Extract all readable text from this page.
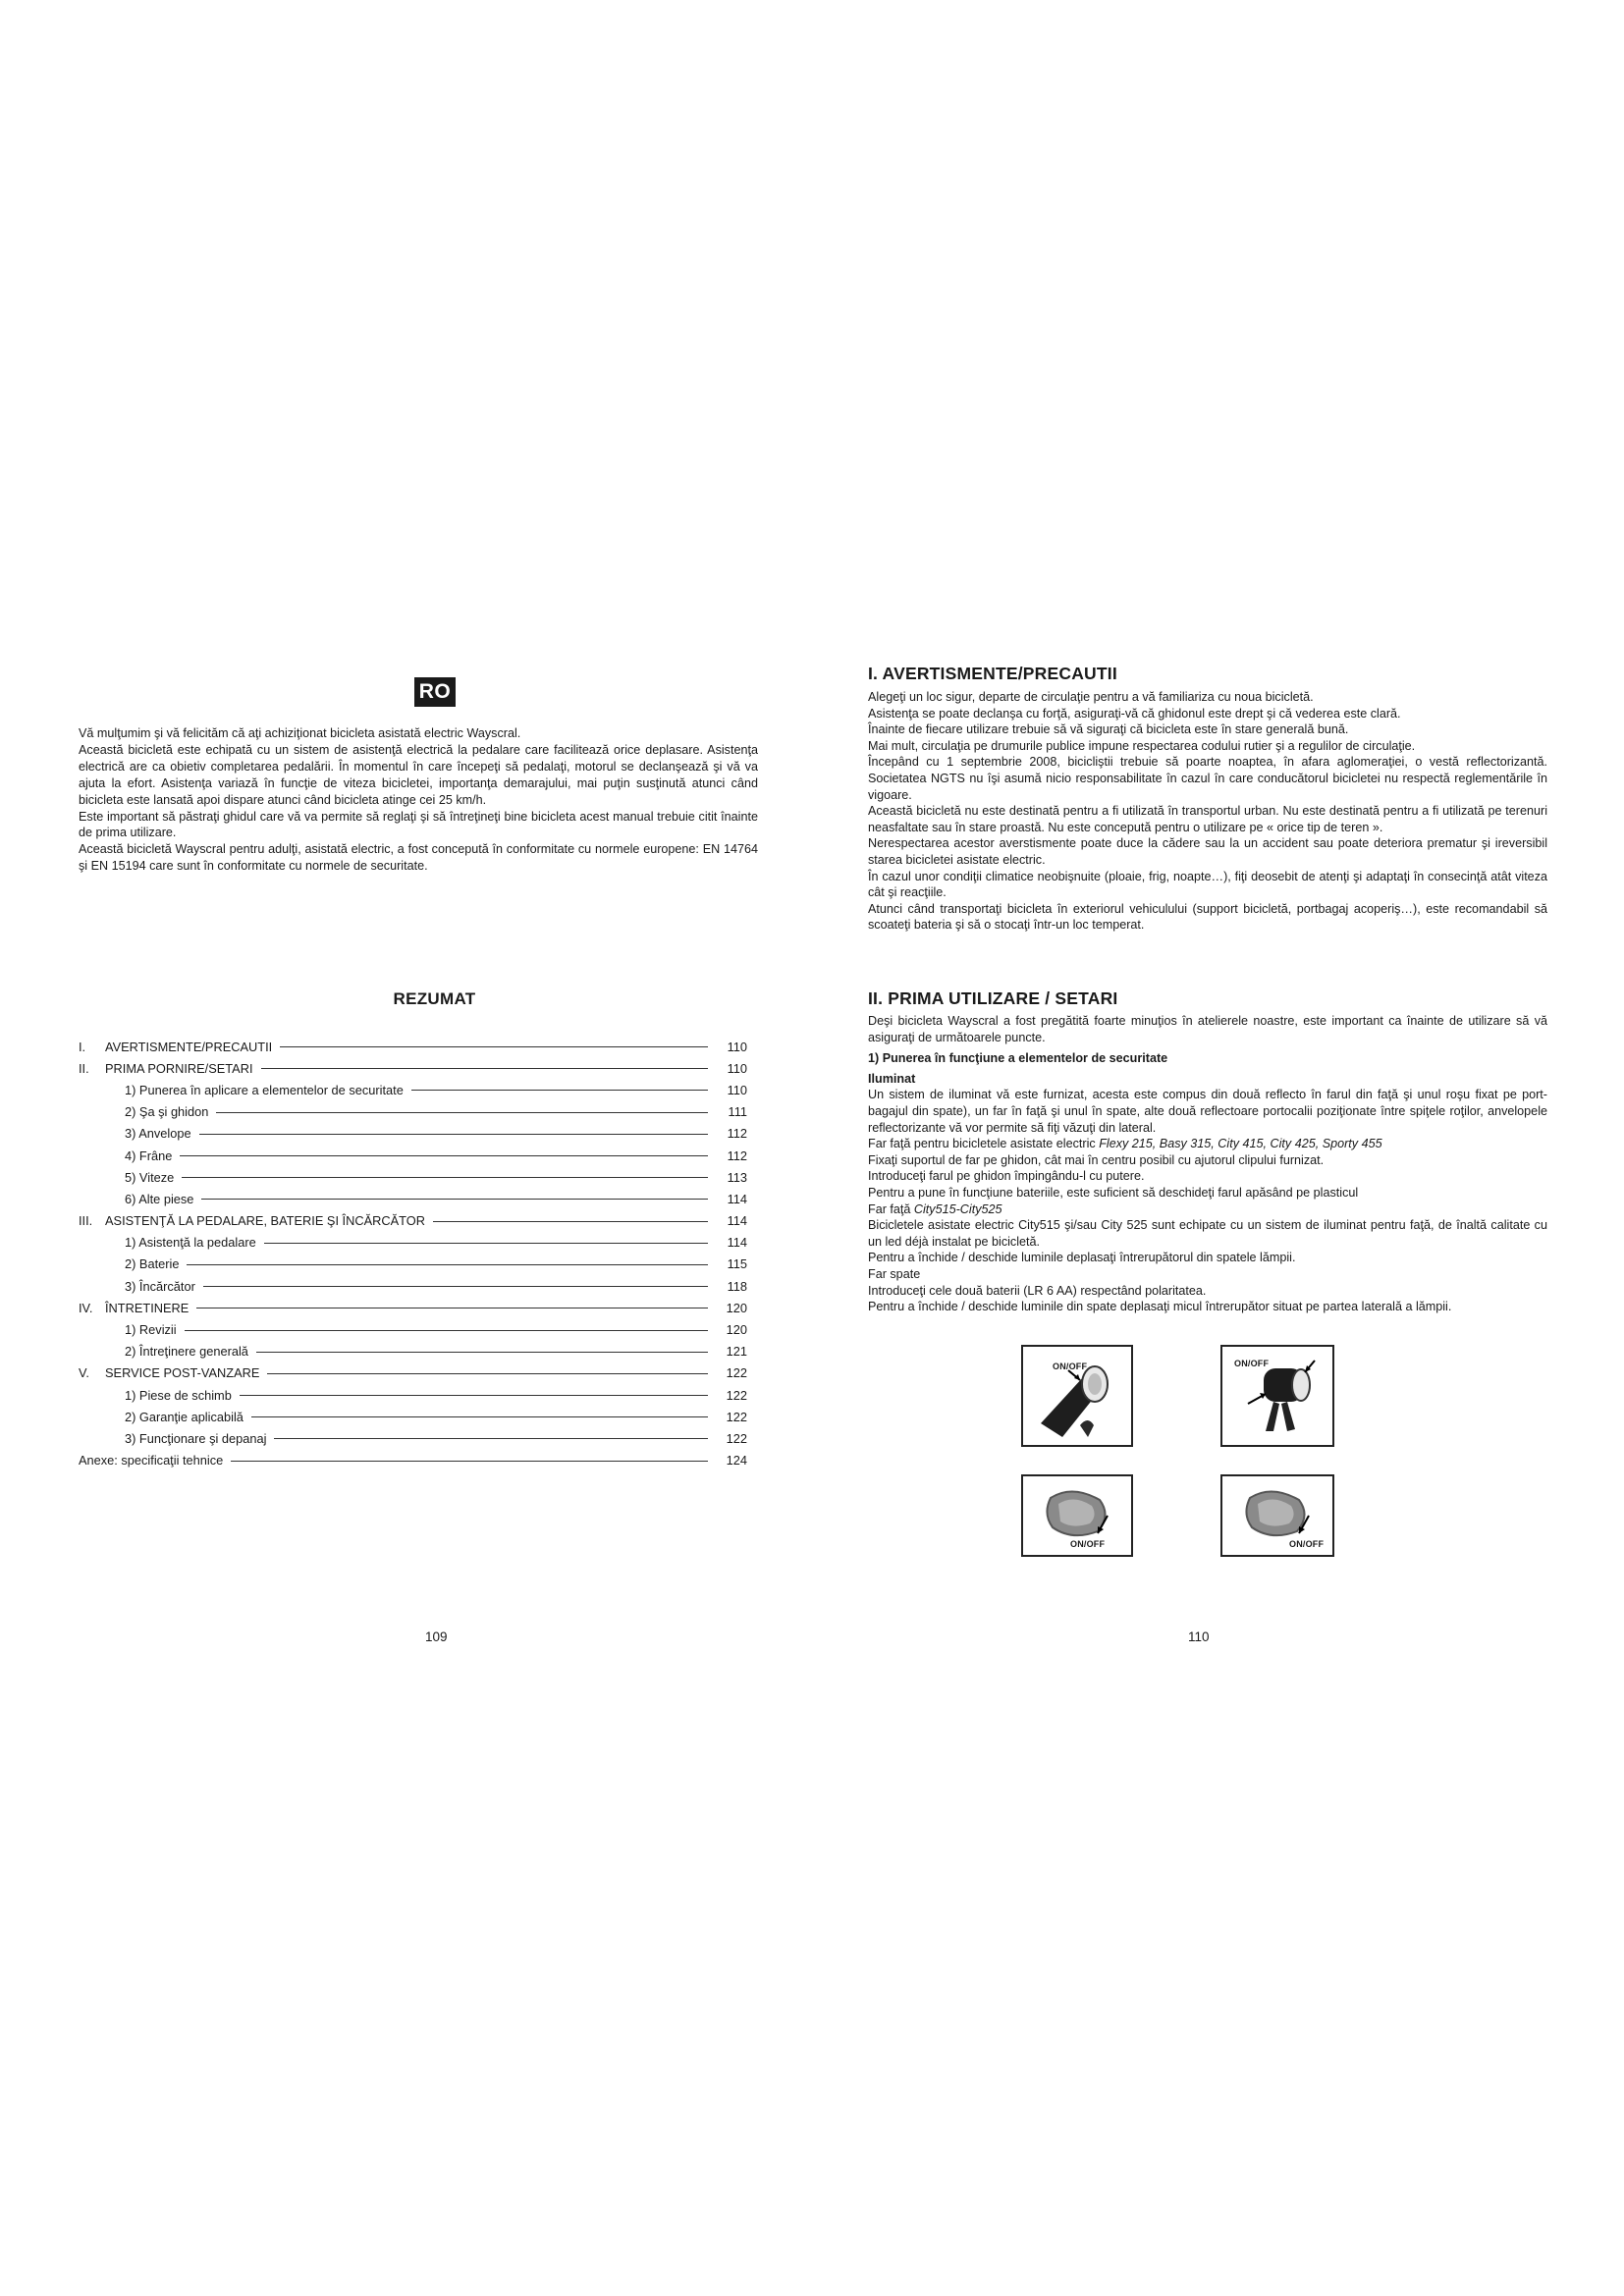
RO

Vă mulţumim şi vă felicităm că aţi achiziţionat bicicleta asistată electric Wayscral.

Această bicicletă este echipată cu un sistem de asistenţă electrică la pedalare care facilitează orice deplasare. Asistenţa electrică are ca obietiv completarea pedalării. În momentul în care începeţi să pedalaţi, motorul se declanşează şi vă va ajuta la efort. Asistenţa variază în funcţie de viteza bicicletei, importanţa demarajului, mai puţin susţinută atunci când bicicleta este lansată apoi dispare atunci când bicicleta atinge cei 25 km/h.

Este important să păstraţi ghidul care vă va permite să reglaţi şi să întreţineţi bine bicicleta acest manual trebuie citit înainte de prima utilizare.

Această bicicletă Wayscral pentru adulţi, asistată electric, a fost concepută în conformitate cu normele europene: EN 14764 şi EN 15194 care sunt în conformitate cu normele de securitate.

REZUMAT
I. AVERTISMENTE/PRECAUTII	110
II. PRIMA PORNIRE/SETARI	110
1) Punerea în aplicare a elementelor de securitate	110
2) Şa şi ghidon	111
3) Anvelope	112
4) Frâne	112
5) Viteze	113
6) Alte piese	114
III. ASISTENŢĂ LA PEDALARE, BATERIE ŞI ÎNCĂRCĂTOR	114
1) Asistenţă la pedalare	114
2) Baterie	115
3) Încărcător	118
IV. ÎNTRETINERE	120
1) Revizii	120
2) Întreţinere generală	121
V. SERVICE POST-VANZARE	122
1) Piese de schimb	122
2) Garanţie aplicabilă	122
3) Funcţionare şi depanaj	122
Anexe: specificaţii tehnice	124
109
I. AVERTISMENTE/PRECAUTII

Alegeţi un loc sigur, departe de circulaţie pentru a vă familiariza cu noua bicicletă.

Asistenţa se poate declanşa cu forţă, asiguraţi-vă că ghidonul este drept şi că vederea este clară.

Înainte de fiecare utilizare trebuie să vă siguraţi că bicicleta este în stare generală bună.

Mai mult, circulaţia pe drumurile publice impune respectarea codului rutier şi a regulilor de circulaţie.

Începând cu 1 septembrie 2008, bicicliştii trebuie să poarte noaptea, în afara aglomeraţiei, o vestă reflectorizantă. Societatea NGTS nu îşi asumă nicio responsabilitate în cazul în care conducătorul bicicletei nu respectă reglementările în vigoare.

Această bicicletă nu este destinată pentru a fi utilizată în transportul urban. Nu este destinată pentru a fi utilizată pe terenuri neasfaltate sau în stare proastă. Nu este concepută pentru o utilizare pe « orice tip de teren ».

Nerespectarea acestor averstismente poate duce la cădere sau la un accident sau poate deteriora prematur şi ireversibil starea bicicletei asistate electric.

În cazul unor condiţii climatice neobişnuite (ploaie, frig, noapte…), fiţi deosebit de atenţi şi adaptaţi în consecinţă atât viteza cât şi reacţiile.

Atunci când transportaţi bicicleta în exteriorul vehiculului (support bicicletă, portbagaj acoperiş…), este recomandabil să scoateţi bateria şi să o stocaţi într-un loc temperat.

II. PRIMA UTILIZARE / SETARI

Deşi bicicleta Wayscral a fost pregătită foarte minuţios în atelierele noastre, este important ca înainte de utilizare să vă asiguraţi de următoarele puncte.

1) Punerea în funcţiune a elementelor de securitate

Iluminat

Un sistem de iluminat vă este furnizat, acesta este compus din două reflecto în farul din faţă şi unul roşu fixat pe port-bagajul din spate), un far în faţă şi unul în spate, alte două reflectoare portocalii poziţionate între spiţele roţilor, anvelopele reflectorizante vă vor permite să fiţi văzuţi din lateral.

Far faţă pentru bicicletele asistate electric Flexy 215, Basy 315, City 415, City 425, Sporty 455

Fixaţi suportul de far pe ghidon, cât mai în centru posibil cu ajutorul clipului furnizat.

Introduceţi farul pe ghidon împingându-l cu putere.

Pentru a pune în funcţiune bateriile, este suficient să deschideţi farul apăsând pe plasticul

Far faţă City515-City525

Bicicletele asistate electric City515 şi/sau City 525 sunt echipate cu un sistem de iluminat pentru faţă, de înaltă calitate cu un led déjà instalat pe bicicletă.

Pentru a închide / deschide luminile deplasaţi întrerupătorul din spatele lămpii.

Far spate

Introduceţi cele două baterii (LR 6 AA) respectând polaritatea.

Pentru a închide / deschide luminile din spate deplasaţi micul întrerupător situat pe partea laterală a lămpii.

ON/OFF	ON/OFF
ON/OFF	ON/OFF
110
